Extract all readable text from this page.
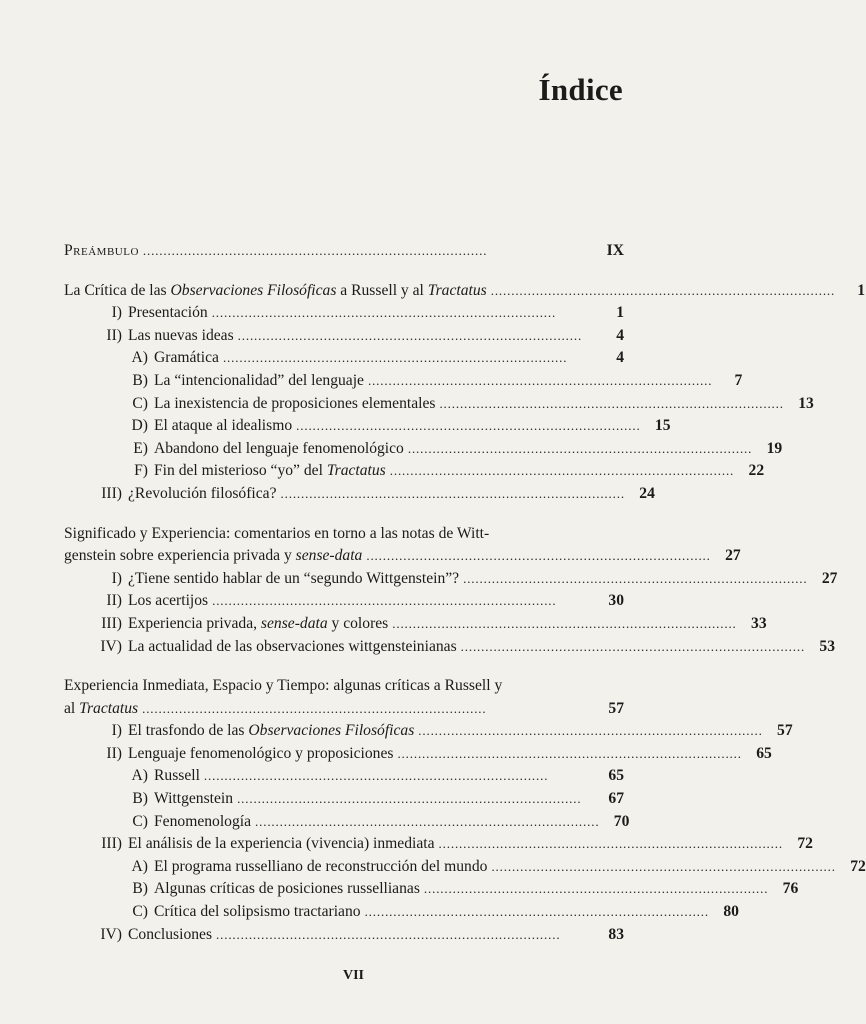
Índice
Preámbulo . . .	IX
La Crítica de las Observaciones Filosóficas a Russell y al Tractatus . . .	1
I) Presentación . . .	1
II) Las nuevas ideas . . .	4
A) Gramática . . .	4
B) La “intencionalidad” del lenguaje . . .	7
C) La inexistencia de proposiciones elementales . . .	13
D) El ataque al idealismo . . .	15
E) Abandono del lenguaje fenomenológico . . .	19
F) Fin del misterioso “yo” del Tractatus . . .	22
III) ¿Revolución filosófica? . . .	24
Significado y Experiencia: comentarios en torno a las notas de Witt-
genstein sobre experiencia privada y sense-data . . .	27
I) ¿Tiene sentido hablar de un “segundo Wittgenstein”? . . .	27
II) Los acertijos . . .	30
III) Experiencia privada, sense-data y colores . . .	33
IV) La actualidad de las observaciones wittgensteinianas . . .	53
Experiencia Inmediata, Espacio y Tiempo: algunas críticas a Russell y
al Tractatus . . .	57
I) El trasfondo de las Observaciones Filosóficas . . .	57
II) Lenguaje fenomenológico y proposiciones . . .	65
A) Russell . . .	65
B) Wittgenstein . . .	67
C) Fenomenología . . .	70
III) El análisis de la experiencia (vivencia) inmediata . . .	72
A) El programa russelliano de reconstrucción del mundo . . .	72
B) Algunas críticas de posiciones russellianas . . .	76
C) Crítica del solipsismo tractariano . . .	80
IV) Conclusiones . . .	83
VII
